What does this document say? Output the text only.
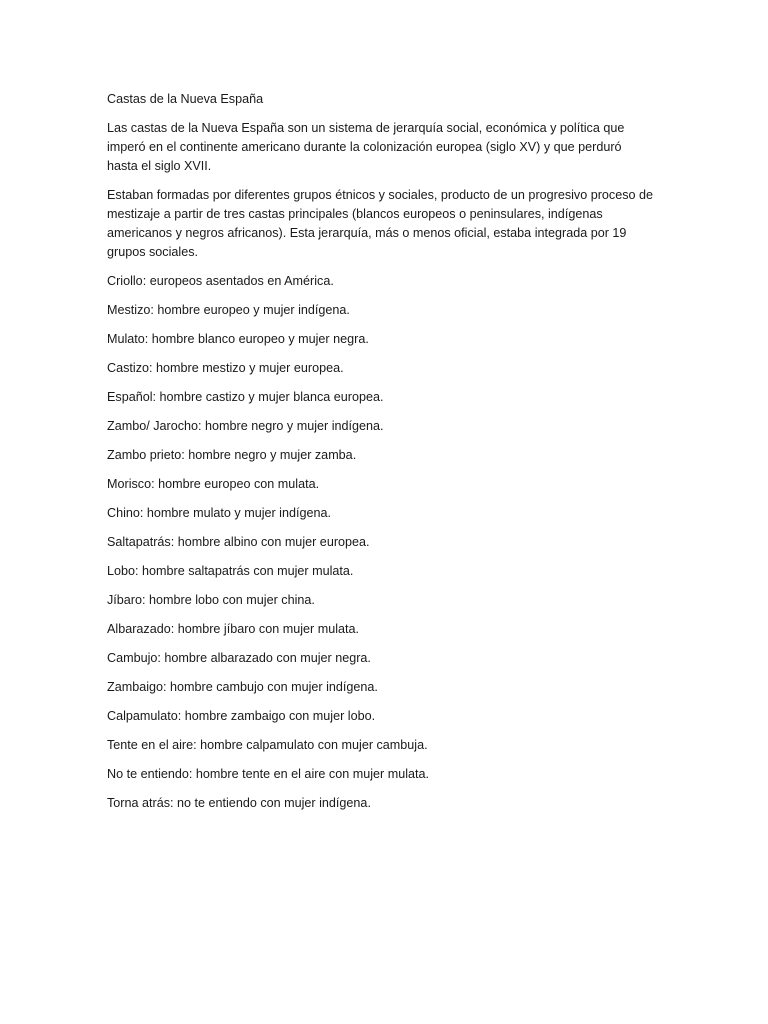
Castas de la Nueva España

Las castas de la Nueva España son un sistema de jerarquía social, económica y política que imperó en el continente americano durante la colonización europea (siglo XV) y que perduró hasta el siglo XVII.

Estaban formadas por diferentes grupos étnicos y sociales, producto de un progresivo proceso de mestizaje a partir de tres castas principales (blancos europeos o peninsulares, indígenas americanos y negros africanos). Esta jerarquía, más o menos oficial, estaba integrada por 19 grupos sociales.

Criollo: europeos asentados en América.
Mestizo: hombre europeo y mujer indígena.
Mulato: hombre blanco europeo y mujer negra.
Castizo: hombre mestizo y mujer europea.
Español: hombre castizo y mujer blanca europea.
Zambo/ Jarocho: hombre negro y mujer indígena.
Zambo prieto: hombre negro y mujer zamba.
Morisco: hombre europeo con mulata.
Chino: hombre mulato y mujer indígena.
Saltapatrás: hombre albino con mujer europea.
Lobo: hombre saltapatrás con mujer mulata.
Jíbaro: hombre lobo con mujer china.
Albarazado: hombre jíbaro con mujer mulata.
Cambujo: hombre albarazado con mujer negra.
Zambaigo: hombre cambujo con mujer indígena.
Calpamulato: hombre zambaigo con mujer lobo.
Tente en el aire: hombre calpamulato con mujer cambuja.
No te entiendo: hombre tente en el aire con mujer mulata.
Torna atrás: no te entiendo con mujer indígena.
